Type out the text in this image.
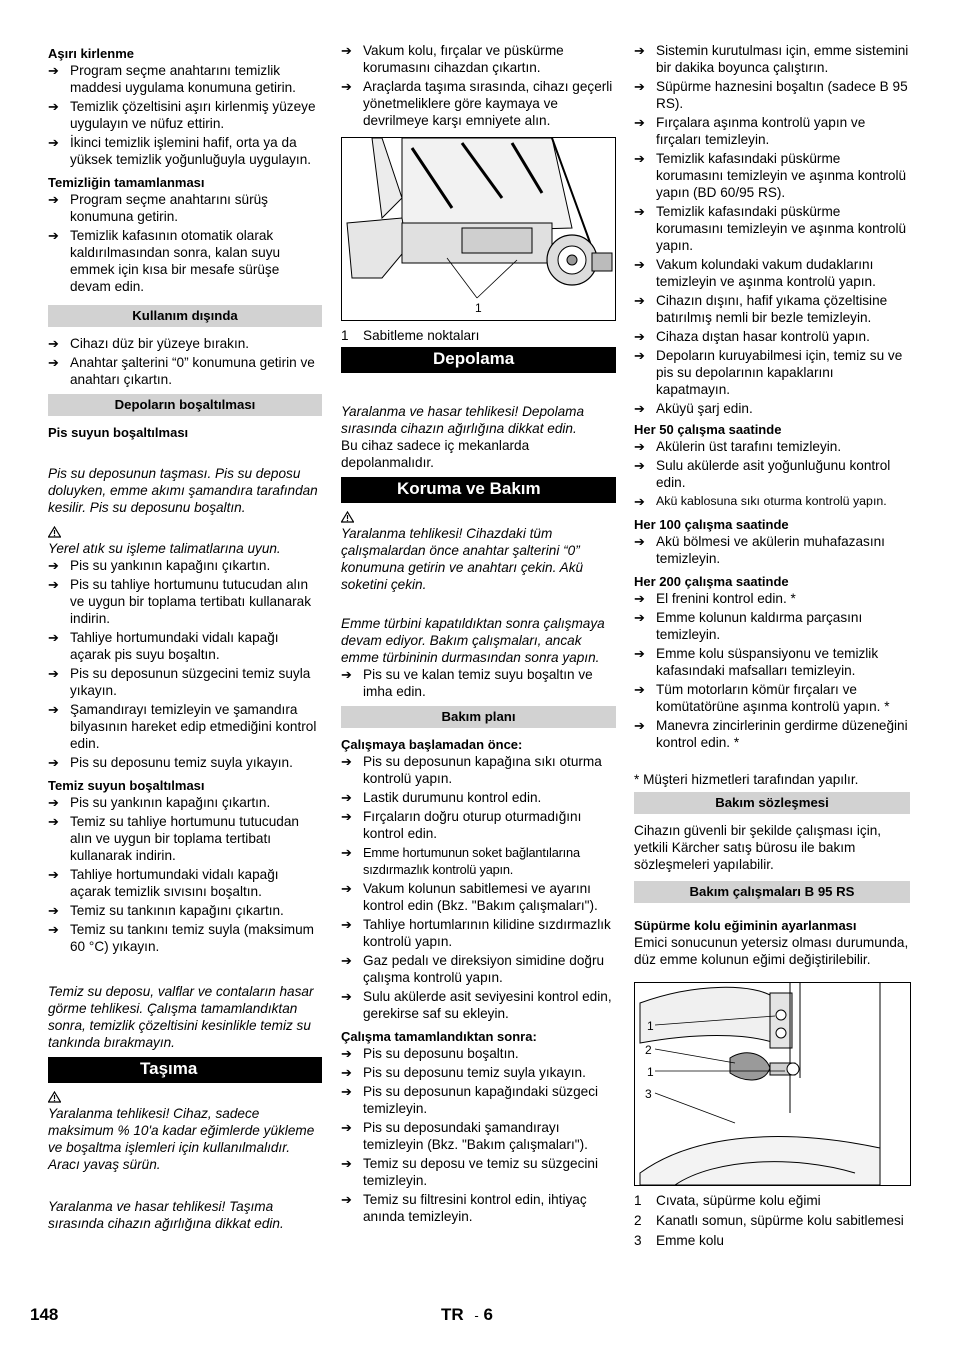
Aşırı kirlenme

➔ Program seçme anahtarını temizlik maddesi uygulama konumuna getirin.
➔ Temizlik çözeltisini aşırı kirlenmiş yüzeye uygulayın ve nüfuz ettirin.
➔ İkinci temizlik işlemini hafif, orta ya da yüksek temizlik yoğunluğuyla uygulayın.

Temizliğin tamamlanması

➔ Program seçme anahtarını sürüş konumuna getirin.
➔ Temizlik kafasının otomatik olarak kaldırılmasından sonra, kalan suyu emmek için kısa bir mesafe sürüşe devam edin.
Kullanım dışında
➔ Cihazı düz bir yüzeye bırakın.
➔ Anahtar şalterini “0” konumuna getirin ve anahtarı çıkartın.
Depoların boşaltılması

Pis suyun boşaltılması

Pis su deposunun taşması. Pis su deposu doluyken, emme akımı şamandıra tarafından kesilir. Pis su deposunu boşaltın.

Yerel atık su işleme talimatlarına uyun.

➔ Pis su yankının kapağını çıkartın.
➔ Pis su tahliye hortumunu tutucudan alın ve uygun bir toplama tertibatı kullanarak indirin.
➔ Tahliye hortumundaki vidalı kapağı açarak pis suyu boşaltın.
➔ Pis su deposunun süzgecini temiz suyla yıkayın.
➔ Şamandırayı temizleyin ve şamandıra bilyasının hareket edip etmediğini kontrol edin.
➔ Pis su deposunu temiz suyla yıkayın.

Temiz suyun boşaltılması

➔ Pis su yankının kapağını çıkartın.
➔ Temiz su tahliye hortumunu tutucudan alın ve uygun bir toplama tertibatı kullanarak indirin.
➔ Tahliye hortumundaki vidalı kapağı açarak temizlik sıvısını boşaltın.
➔ Temiz su tankının kapağını çıkartın.
➔ Temiz su tankını temiz suyla (maksimum 60 °C) yıkayın.

Temiz su deposu, valflar ve contaların hasar görme tehlikesi. Çalışma tamamlandıktan sonra, temizlik çözeltisini kesinlikle temiz su tankında bırakmayın.

Taşıma

Yaralanma tehlikesi! Cihaz, sadece maksimum % 10'a kadar eğimlerde yükleme ve boşaltma işlemleri için kullanılmalıdır. Aracı yavaş sürün.

Yaralanma ve hasar tehlikesi! Taşıma sırasında cihazın ağırlığına dikkat edin.

➔ Vakum kolu, fırçalar ve püskürme korumasını cihazdan çıkartın.
➔ Araçlarda taşıma sırasında, cihazı geçerli yönetmeliklere göre kaymaya ve devrilmeye karşı emniyete alın.
1
1	Sabitleme noktaları
Depolama

Yaralanma ve hasar tehlikesi! Depolama sırasında cihazın ağırlığına dikkat edin.

Bu cihaz sadece iç mekanlarda depolanmalıdır.

Koruma ve Bakım

Yaralanma tehlikesi! Cihazdaki tüm çalışmalardan önce anahtar şalterini “0” konumuna getirin ve anahtarı çekin. Akü soketini çekin.

Emme türbini kapatıldıktan sonra çalışmaya devam ediyor. Bakım çalışmaları, ancak emme türbininin durmasından sonra yapın.

➔ Pis su ve kalan temiz suyu boşaltın ve imha edin.
Bakım planı

Çalışmaya başlamadan önce:

➔ Pis su deposunun kapağına sıkı oturma kontrolü yapın.
➔ Lastik durumunu kontrol edin.
➔ Fırçaların doğru oturup oturmadığını kontrol edin.
➔ Emme hortumunun soket bağlantılarına sızdırmazlık kontrolü yapın.
➔ Vakum kolunun sabitlemesi ve ayarını kontrol edin (Bkz. "Bakım çalışmaları").
➔ Tahliye hortumlarının kilidine sızdırmazlık kontrolü yapın.
➔ Gaz pedalı ve direksiyon simidine doğru çalışma kontrolü yapın.
➔ Sulu akülerde asit seviyesini kontrol edin, gerekirse saf su ekleyin.

Çalışma tamamlandıktan sonra:

➔ Pis su deposunu boşaltın.
➔ Pis su deposunu temiz suyla yıkayın.
➔ Pis su deposunun kapağındaki süzgeci temizleyin.
➔ Pis su deposundaki şamandırayı temizleyin (Bkz. "Bakım çalışmaları").
➔ Temiz su deposu ve temiz su süzgecini temizleyin.
➔ Temiz su filtresini kontrol edin, ihtiyaç anında temizleyin.
➔ Sistemin kurutulması için, emme sistemini bir dakika boyunca çalıştırın.
➔ Süpürme haznesini boşaltın (sadece B 95 RS).
➔ Fırçalara aşınma kontrolü yapın ve fırçaları temizleyin.
➔ Temizlik kafasındaki püskürme korumasını temizleyin ve aşınma kontrolü yapın (BD 60/95 RS).
➔ Temizlik kafasındaki püskürme korumasını temizleyin ve aşınma kontrolü yapın.
➔ Vakum kolundaki vakum dudaklarını temizleyin ve aşınma kontrolü yapın.
➔ Cihazın dışını, hafif yıkama çözeltisine batırılmış nemli bir bezle temizleyin.
➔ Cihaza dıştan hasar kontrolü yapın.
➔ Depoların kuruyabilmesi için, temiz su ve pis su depolarının kapaklarını kapatmayın.
➔ Aküyü şarj edin.

Her 50 çalışma saatinde

➔ Akülerin üst tarafını temizleyin.
➔ Sulu akülerde asit yoğunluğunu kontrol edin.
➔ Akü kablosuna sıkı oturma kontrolü yapın.

Her 100 çalışma saatinde

➔ Akü bölmesi ve akülerin muhafazasını temizleyin.

Her 200 çalışma saatinde

➔ El frenini kontrol edin. *
➔ Emme kolunun kaldırma parçasını temizleyin.
➔ Emme kolu süspansiyonu ve temizlik kafasındaki mafsalları temizleyin.
➔ Tüm motorların kömür fırçaları ve komütatörüne aşınma kontrolü yapın. *
➔ Manevra zincirlerinin gerdirme düzeneğini kontrol edin. *

* Müşteri hizmetleri tarafından yapılır.

Bakım sözleşmesi

Cihazın güvenli bir şekilde çalışması için, yetkili Kärcher satış bürosu ile bakım sözleşmeleri yapılabilir.

Bakım çalışmaları B 95 RS

Süpürme kolu eğiminin ayarlanması

Emici sonucunun yetersiz olması durumunda, düz emme kolunun eğimi değiştirilebilir.

1
2
1
3
1	Cıvata, süpürme kolu eğimi
2	Kanatlı somun, süpürme kolu sabitlemesi
3	Emme kolu
148	TR - 6
